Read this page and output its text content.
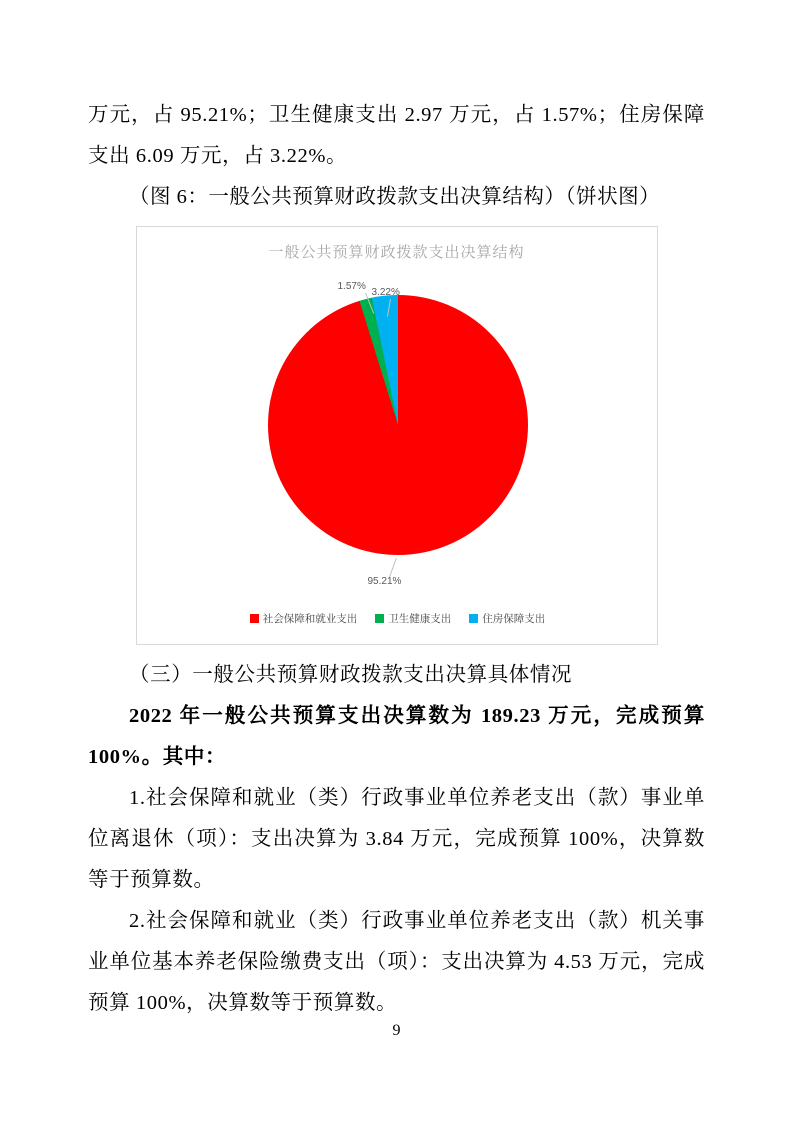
万元，占 95.21%；卫生健康支出 2.97 万元，占 1.57%；住房保障支出 6.09 万元，占 3.22%。

（图 6：一般公共预算财政拨款支出决算结构）（饼状图）

一般公共预算财政拨款支出决算结构
1.57%
3.22%
95.21%
社会保障和就业支出	卫生健康支出	住房保障支出

（三）一般公共预算财政拨款支出决算具体情况

2022 年一般公共预算支出决算数为 189.23 万元，完成预算 100%。其中：

1.社会保障和就业（类）行政事业单位养老支出（款）事业单位离退休（项）：支出决算为 3.84 万元，完成预算 100%，决算数等于预算数。

2.社会保障和就业（类）行政事业单位养老支出（款）机关事业单位基本养老保险缴费支出（项）：支出决算为 4.53 万元，完成预算 100%，决算数等于预算数。

9
